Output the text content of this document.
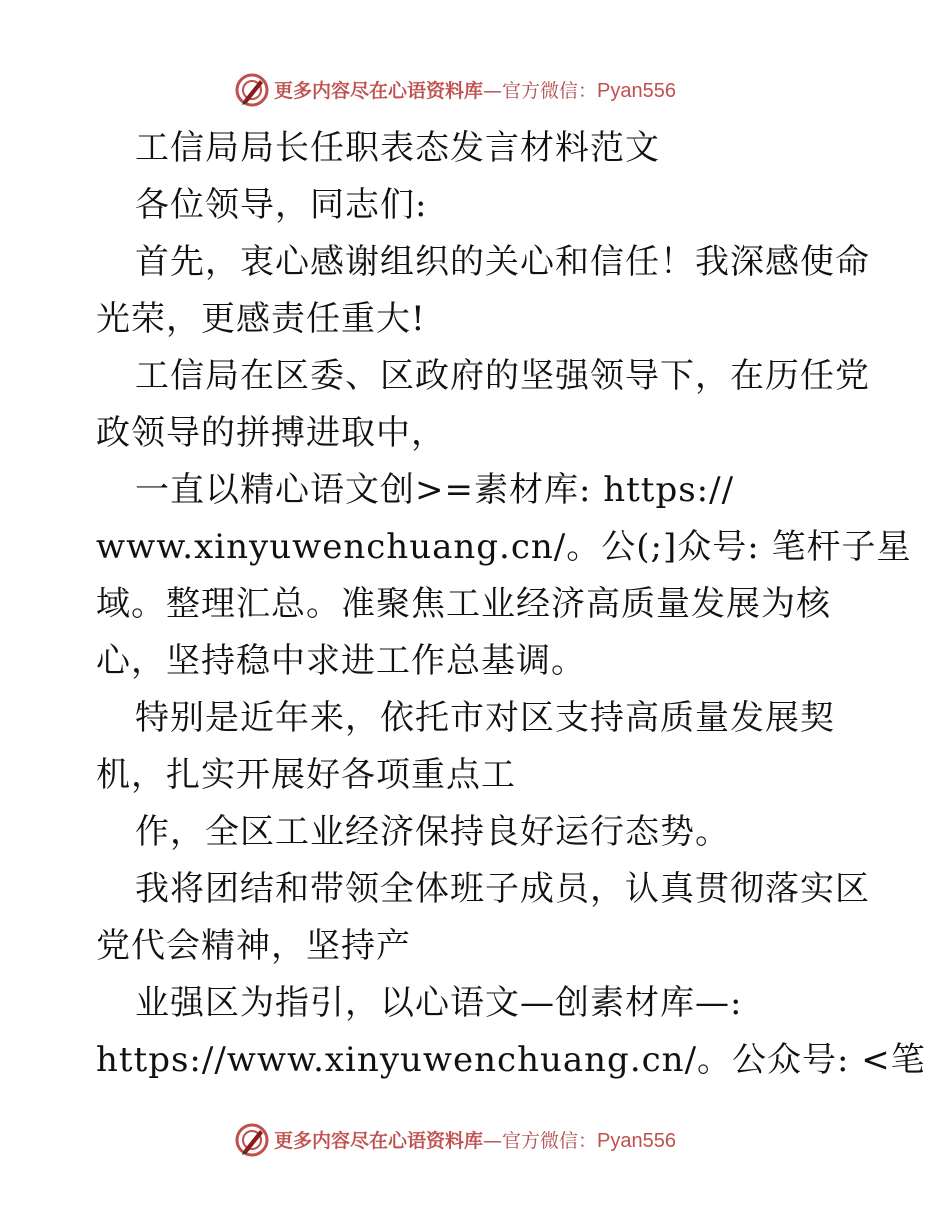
更多内容尽在心语资料库—官方微信：Pyan556
工信局局长任职表态发言材料范文
各位领导，同志们:
首先，衷心感谢组织的关心和信任！我深感使命
光荣，更感责任重大!
工信局在区委、区政府的坚强领导下，在历任党
政领导的拼搏进取中，
一直以精心语文创>=素材库: https://
www.xinyuwenchuang.cn/。公(;]众号: 笔杆子星
域。整理汇总。准聚焦工业经济高质量发展为核
心，坚持稳中求进工作总基调。
特别是近年来，依托市对区支持高质量发展契
机，扎实开展好各项重点工
作，全区工业经济保持良好运行态势。
我将团结和带领全体班子成员，认真贯彻落实区
党代会精神，坚持产
业强区为指引，以心语文—创素材库—:
https://www.xinyuwenchuang.cn/。公众号: <笔
更多内容尽在心语资料库—官方微信：Pyan556
